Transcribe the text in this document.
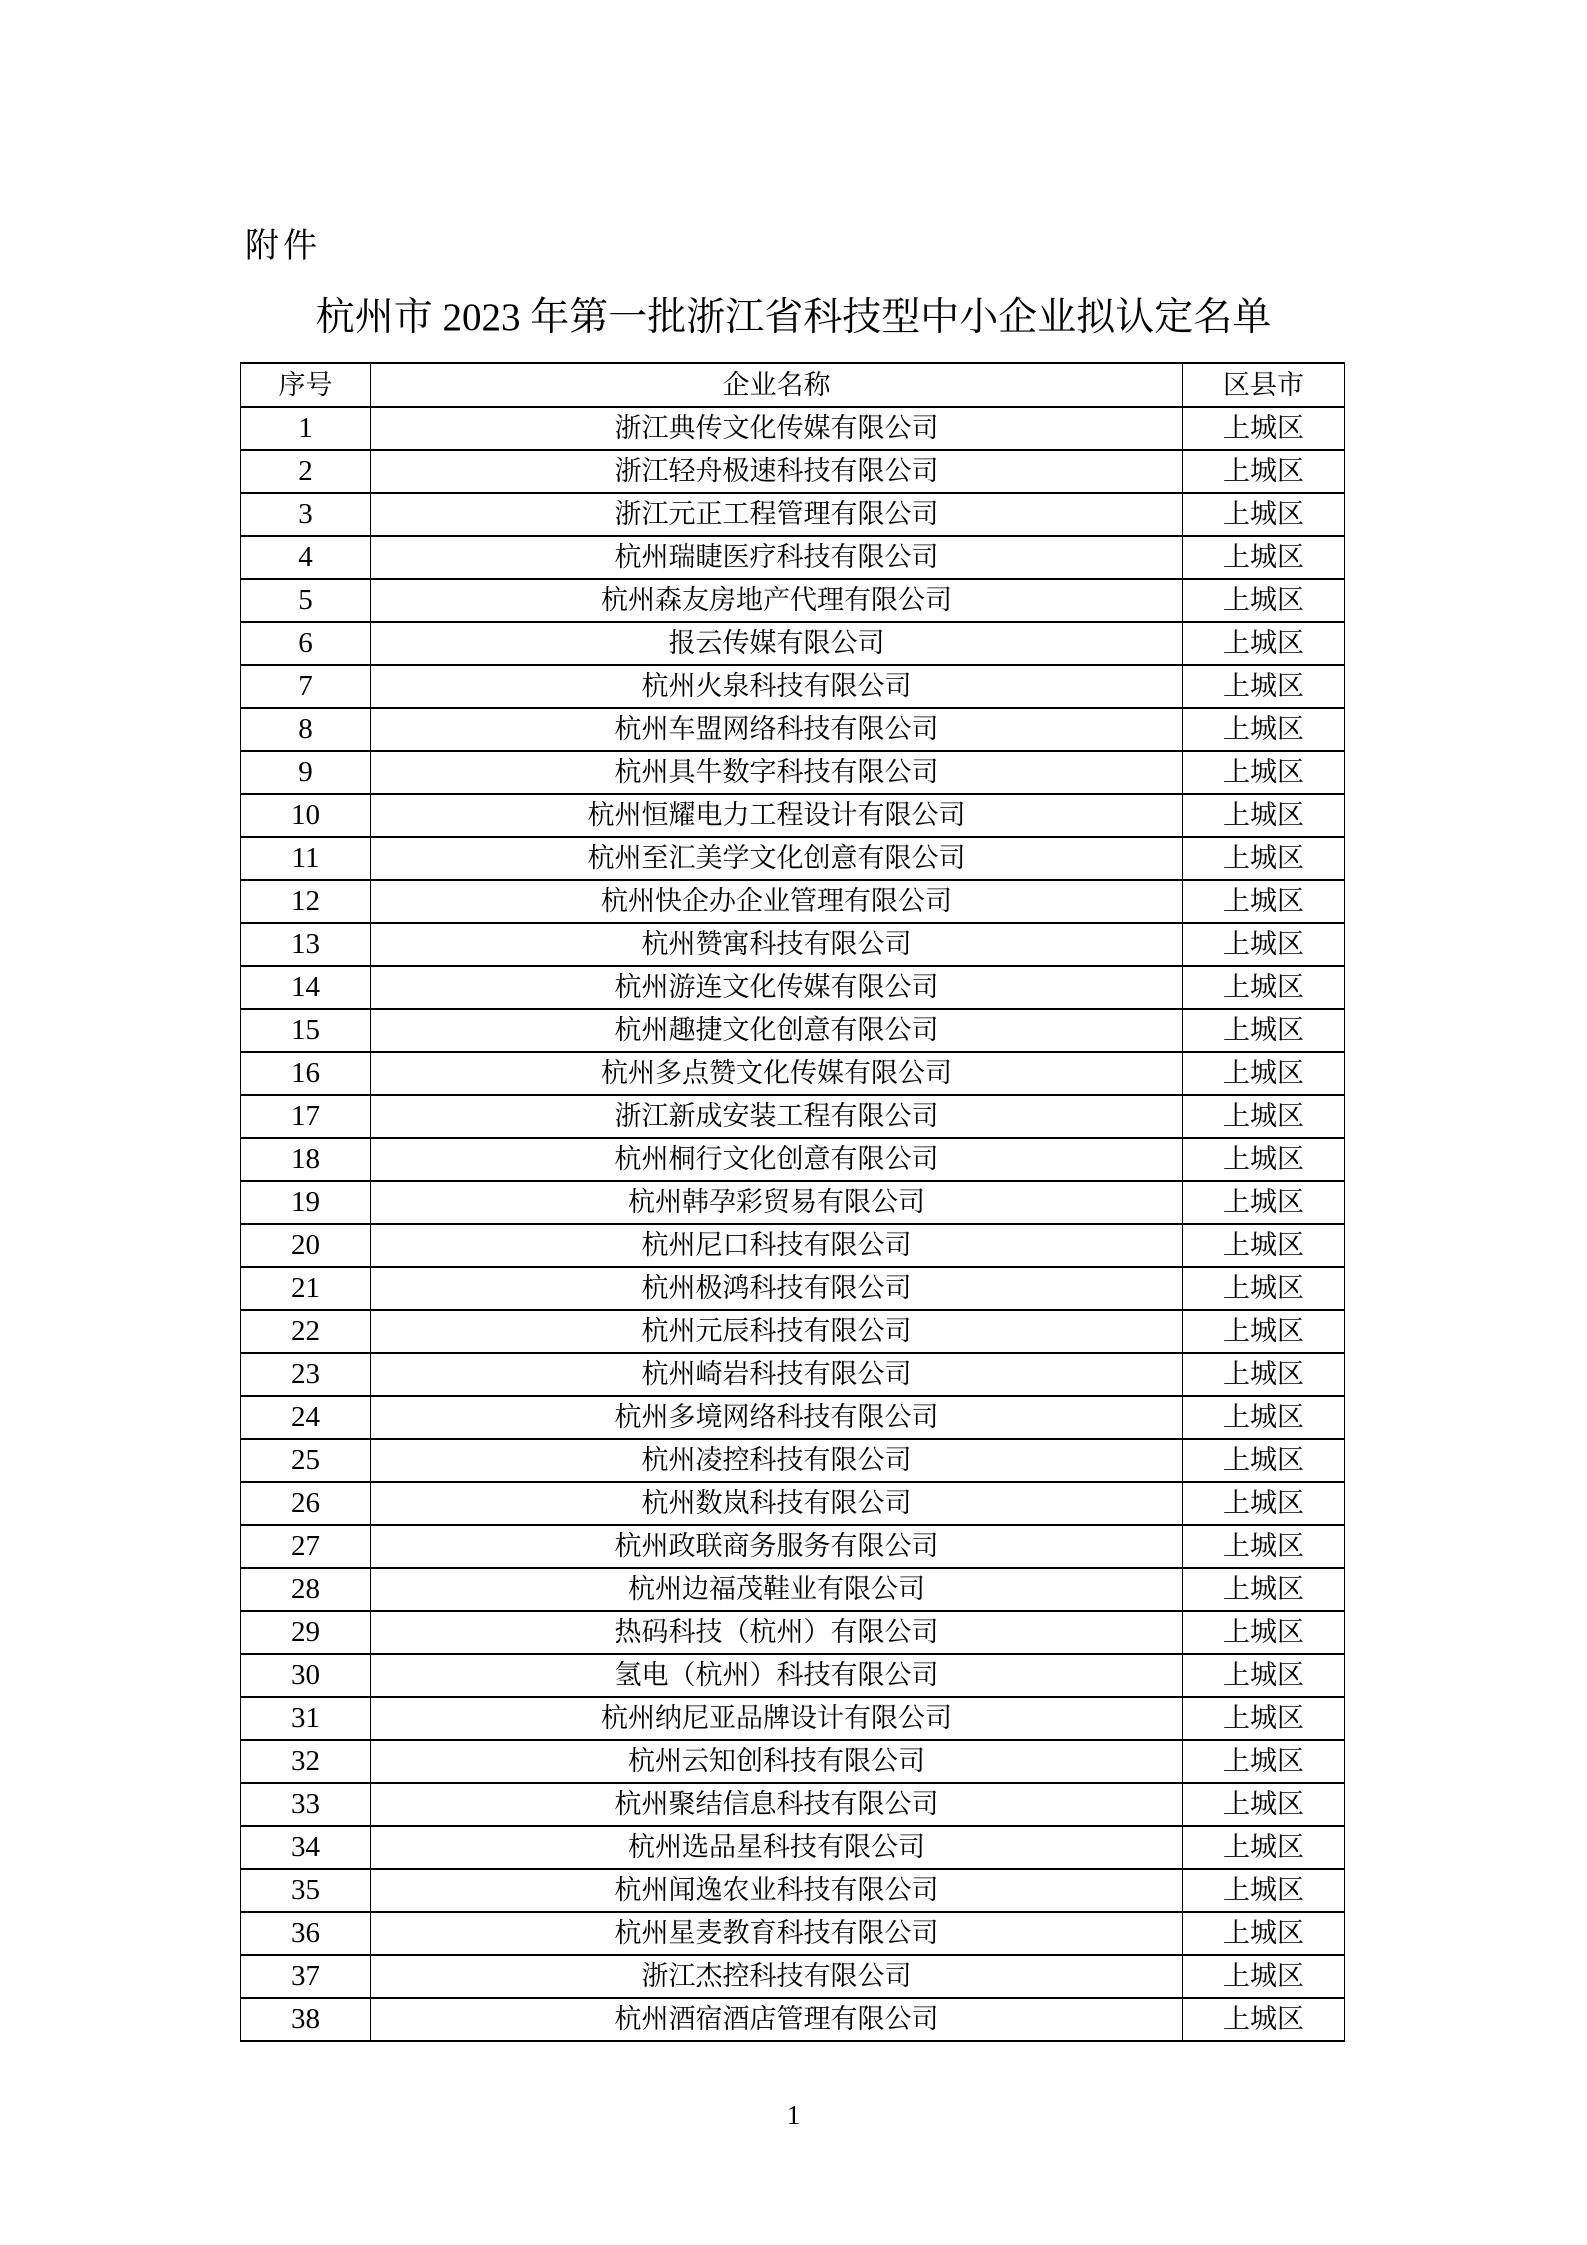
附件
杭州市 2023 年第一批浙江省科技型中小企业拟认定名单
序号	企业名称	区县市
1	浙江典传文化传媒有限公司	上城区
2	浙江轻舟极速科技有限公司	上城区
3	浙江元正工程管理有限公司	上城区
4	杭州瑞睫医疗科技有限公司	上城区
5	杭州森友房地产代理有限公司	上城区
6	报云传媒有限公司	上城区
7	杭州火泉科技有限公司	上城区
8	杭州车盟网络科技有限公司	上城区
9	杭州具牛数字科技有限公司	上城区
10	杭州恒耀电力工程设计有限公司	上城区
11	杭州至汇美学文化创意有限公司	上城区
12	杭州快企办企业管理有限公司	上城区
13	杭州赞寓科技有限公司	上城区
14	杭州游连文化传媒有限公司	上城区
15	杭州趣捷文化创意有限公司	上城区
16	杭州多点赞文化传媒有限公司	上城区
17	浙江新成安装工程有限公司	上城区
18	杭州桐行文化创意有限公司	上城区
19	杭州韩孕彩贸易有限公司	上城区
20	杭州尼口科技有限公司	上城区
21	杭州极鸿科技有限公司	上城区
22	杭州元辰科技有限公司	上城区
23	杭州崎岩科技有限公司	上城区
24	杭州多境网络科技有限公司	上城区
25	杭州凌控科技有限公司	上城区
26	杭州数岚科技有限公司	上城区
27	杭州政联商务服务有限公司	上城区
28	杭州边福茂鞋业有限公司	上城区
29	热码科技（杭州）有限公司	上城区
30	氢电（杭州）科技有限公司	上城区
31	杭州纳尼亚品牌设计有限公司	上城区
32	杭州云知创科技有限公司	上城区
33	杭州聚结信息科技有限公司	上城区
34	杭州选品星科技有限公司	上城区
35	杭州闻逸农业科技有限公司	上城区
36	杭州星麦教育科技有限公司	上城区
37	浙江杰控科技有限公司	上城区
38	杭州酒宿酒店管理有限公司	上城区
1
